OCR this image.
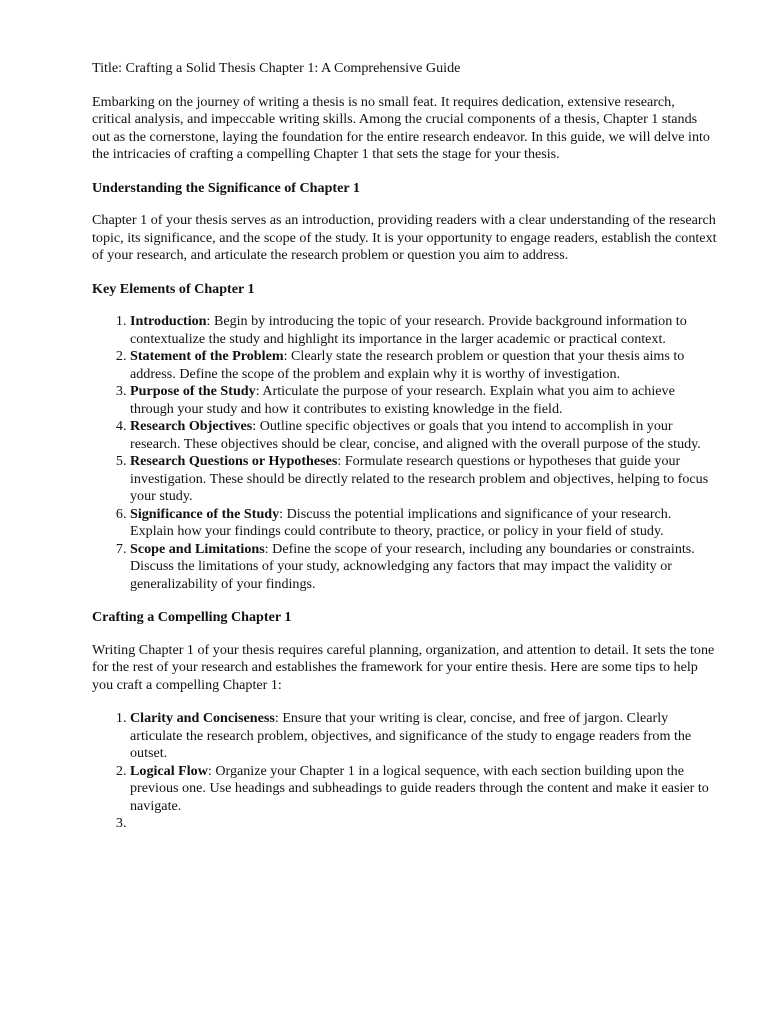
Title: Crafting a Solid Thesis Chapter 1: A Comprehensive Guide

Embarking on the journey of writing a thesis is no small feat. It requires dedication, extensive research, critical analysis, and impeccable writing skills. Among the crucial components of a thesis, Chapter 1 stands out as the cornerstone, laying the foundation for the entire research endeavor. In this guide, we will delve into the intricacies of crafting a compelling Chapter 1 that sets the stage for your thesis.

Understanding the Significance of Chapter 1

Chapter 1 of your thesis serves as an introduction, providing readers with a clear understanding of the research topic, its significance, and the scope of the study. It is your opportunity to engage readers, establish the context of your research, and articulate the research problem or question you aim to address.

Key Elements of Chapter 1

1. Introduction: Begin by introducing the topic of your research. Provide background information to contextualize the study and highlight its importance in the larger academic or practical context.
2. Statement of the Problem: Clearly state the research problem or question that your thesis aims to address. Define the scope of the problem and explain why it is worthy of investigation.
3. Purpose of the Study: Articulate the purpose of your research. Explain what you aim to achieve through your study and how it contributes to existing knowledge in the field.
4. Research Objectives: Outline specific objectives or goals that you intend to accomplish in your research. These objectives should be clear, concise, and aligned with the overall purpose of the study.
5. Research Questions or Hypotheses: Formulate research questions or hypotheses that guide your investigation. These should be directly related to the research problem and objectives, helping to focus your study.
6. Significance of the Study: Discuss the potential implications and significance of your research. Explain how your findings could contribute to theory, practice, or policy in your field of study.
7. Scope and Limitations: Define the scope of your research, including any boundaries or constraints. Discuss the limitations of your study, acknowledging any factors that may impact the validity or generalizability of your findings.

Crafting a Compelling Chapter 1

Writing Chapter 1 of your thesis requires careful planning, organization, and attention to detail. It sets the tone for the rest of your research and establishes the framework for your entire thesis. Here are some tips to help you craft a compelling Chapter 1:

1. Clarity and Conciseness: Ensure that your writing is clear, concise, and free of jargon. Clearly articulate the research problem, objectives, and significance of the study to engage readers from the outset.
2. Logical Flow: Organize your Chapter 1 in a logical sequence, with each section building upon the previous one. Use headings and subheadings to guide readers through the content and make it easier to navigate.
3.
